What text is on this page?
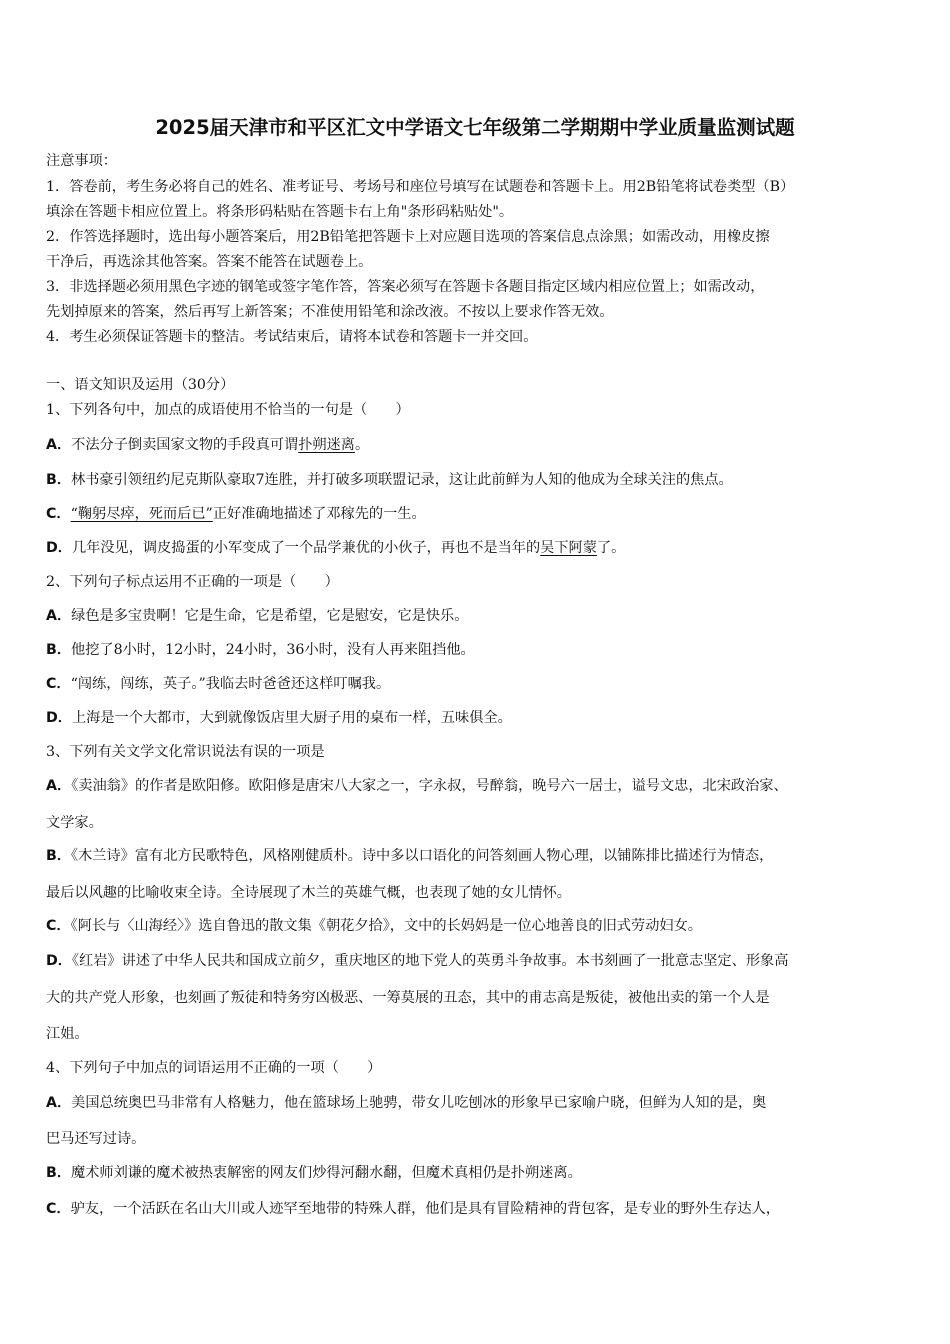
2025届天津市和平区汇文中学语文七年级第二学期期中学业质量监测试题
注意事项：
1．答卷前，考生务必将自己的姓名、准考证号、考场号和座位号填写在试题卷和答题卡上。用2B铅笔将试卷类型（B）
填涂在答题卡相应位置上。将条形码粘贴在答题卡右上角"条形码粘贴处"。
2．作答选择题时，选出每小题答案后，用2B铅笔把答题卡上对应题目选项的答案信息点涂黑；如需改动，用橡皮擦
干净后，再选涂其他答案。答案不能答在试题卷上。
3．非选择题必须用黑色字迹的钢笔或签字笔作答，答案必须写在答题卡各题目指定区域内相应位置上；如需改动，
先划掉原来的答案，然后再写上新答案；不准使用铅笔和涂改液。不按以上要求作答无效。
4．考生必须保证答题卡的整洁。考试结束后，请将本试卷和答题卡一并交回。
一、语文知识及运用（30分）
1、下列各句中，加点的成语使用不恰当的一句是（　　）
A．不法分子倒卖国家文物的手段真可谓扑朔迷离。
B．林书豪引领纽约尼克斯队豪取7连胜，并打破多项联盟记录，这让此前鲜为人知的他成为全球关注的焦点。
C．“鞠躬尽瘁，死而后已”正好准确地描述了邓稼先的一生。
D．几年没见，调皮捣蛋的小军变成了一个品学兼优的小伙子，再也不是当年的吴下阿蒙了。
2、下列句子标点运用不正确的一项是（　　）
A．绿色是多宝贵啊！它是生命，它是希望，它是慰安，它是快乐。
B．他挖了8小时，12小时，24小时，36小时，没有人再来阻挡他。
C．“闯练，闯练，英子。”我临去时爸爸还这样叮嘱我。
D．上海是一个大都市，大到就像饭店里大厨子用的桌布一样，五味俱全。
3、下列有关文学文化常识说法有误的一项是
A．《卖油翁》的作者是欧阳修。欧阳修是唐宋八大家之一，字永叔，号醉翁，晚号六一居士，谥号文忠，北宋政治家、
文学家。
B．《木兰诗》富有北方民歌特色，风格刚健质朴。诗中多以口语化的问答刻画人物心理，以铺陈排比描述行为情态，
最后以风趣的比喻收束全诗。全诗展现了木兰的英雄气概，也表现了她的女儿情怀。
C．《阿长与〈山海经〉》选自鲁迅的散文集《朝花夕拾》，文中的长妈妈是一位心地善良的旧式劳动妇女。
D．《红岩》讲述了中华人民共和国成立前夕，重庆地区的地下党人的英勇斗争故事。本书刻画了一批意志坚定、形象高
大的共产党人形象，也刻画了叛徒和特务穷凶极恶、一筹莫展的丑态，其中的甫志高是叛徒，被他出卖的第一个人是
江姐。
4、下列句子中加点的词语运用不正确的一项（　　）
A．美国总统奥巴马非常有人格魅力，他在篮球场上驰骋，带女儿吃刨冰的形象早已家喻户晓，但鲜为人知的是，奥
巴马还写过诗。
B．魔术师刘谦的魔术被热衷解密的网友们炒得河翻水翻，但魔术真相仍是扑朔迷离。
C．驴友，一个活跃在名山大川或人迹罕至地带的特殊人群，他们是具有冒险精神的背包客，是专业的野外生存达人，
